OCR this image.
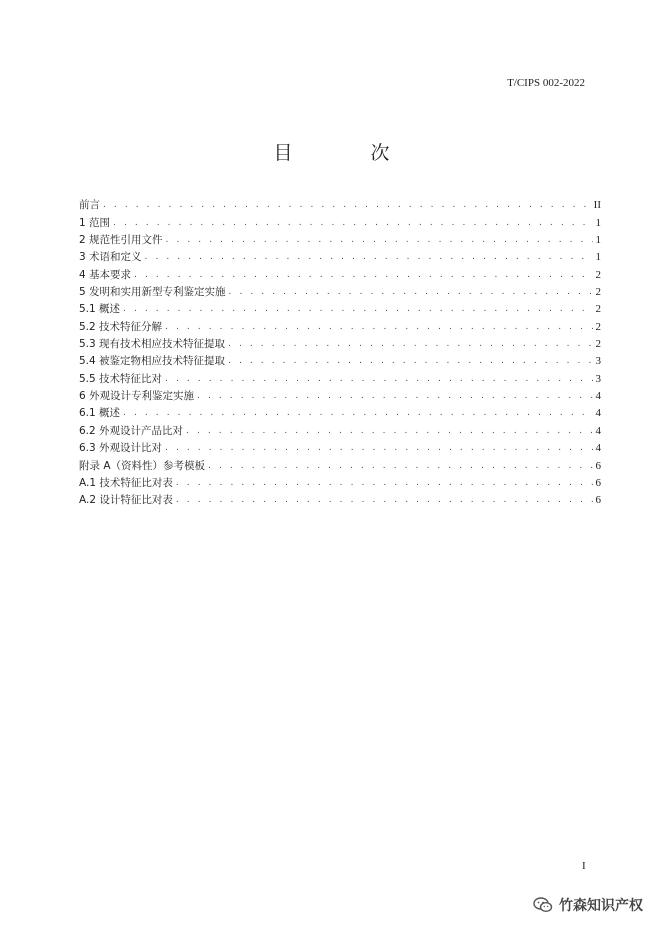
T/CIPS 002-2022
目 次
前言 . . .	II
1 范围 . . .	1
2 规范性引用文件 . . .	1
3 术语和定义 . . .	1
4 基本要求 . . .	2
5 发明和实用新型专利鉴定实施 . . .	2
5.1 概述 . . .	2
5.2 技术特征分解 . . .	2
5.3 现有技术相应技术特征提取 . . .	2
5.4 被鉴定物相应技术特征提取 . . .	3
5.5 技术特征比对 . . .	3
6 外观设计专利鉴定实施 . . .	4
6.1 概述 . . .	4
6.2 外观设计产品比对 . . .	4
6.3 外观设计比对 . . .	4
附录 A（资料性）参考模板 . . .	6
A.1 技术特征比对表 . . .	6
A.2 设计特征比对表 . . .	6
I
竹森知识产权
